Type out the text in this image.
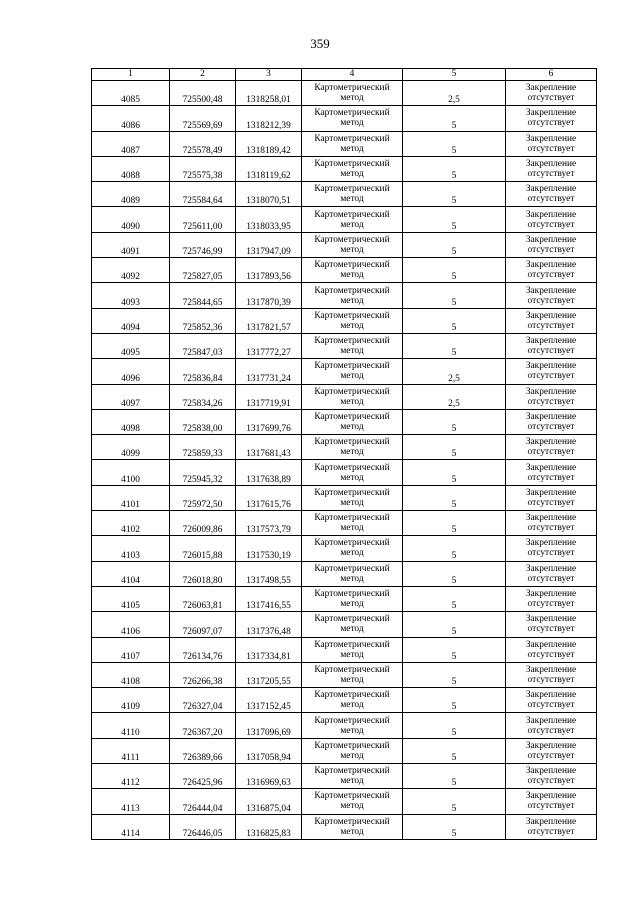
359
1	2	3	4	5	6
4085	725500,48	1318258,01	Картометрический
метод	2,5	Закрепление
отсутствует

4086	725569,69	1318212,39	Картометрический
метод	5	Закрепление
отсутствует

4087	725578,49	1318189,42	Картометрический
метод	5	Закрепление
отсутствует

4088	725575,38	1318119,62	Картометрический
метод	5	Закрепление
отсутствует

4089	725584,64	1318070,51	Картометрический
метод	5	Закрепление
отсутствует

4090	725611,00	1318033,95	Картометрический
метод	5	Закрепление
отсутствует

4091	725746,99	1317947,09	Картометрический
метод	5	Закрепление
отсутствует

4092	725827,05	1317893,56	Картометрический
метод	5	Закрепление
отсутствует

4093	725844,65	1317870,39	Картометрический
метод	5	Закрепление
отсутствует

4094	725852,36	1317821,57	Картометрический
метод	5	Закрепление
отсутствует

4095	725847,03	1317772,27	Картометрический
метод	5	Закрепление
отсутствует

4096	725836,84	1317731,24	Картометрический
метод	2,5	Закрепление
отсутствует

4097	725834,26	1317719,91	Картометрический
метод	2,5	Закрепление
отсутствует

4098	725838,00	1317699,76	Картометрический
метод	5	Закрепление
отсутствует

4099	725859,33	1317681,43	Картометрический
метод	5	Закрепление
отсутствует

4100	725945,32	1317638,89	Картометрический
метод	5	Закрепление
отсутствует

4101	725972,50	1317615,76	Картометрический
метод	5	Закрепление
отсутствует

4102	726009,86	1317573,79	Картометрический
метод	5	Закрепление
отсутствует

4103	726015,88	1317530,19	Картометрический
метод	5	Закрепление
отсутствует

4104	726018,80	1317498,55	Картометрический
метод	5	Закрепление
отсутствует

4105	726063,81	1317416,55	Картометрический
метод	5	Закрепление
отсутствует

4106	726097,07	1317376,48	Картометрический
метод	5	Закрепление
отсутствует

4107	726134,76	1317334,81	Картометрический
метод	5	Закрепление
отсутствует

4108	726266,38	1317205,55	Картометрический
метод	5	Закрепление
отсутствует

4109	726327,04	1317152,45	Картометрический
метод	5	Закрепление
отсутствует

4110	726367,20	1317096,69	Картометрический
метод	5	Закрепление
отсутствует

4111	726389,66	1317058,94	Картометрический
метод	5	Закрепление
отсутствует

4112	726425,96	1316969,63	Картометрический
метод	5	Закрепление
отсутствует

4113	726444,04	1316875,04	Картометрический
метод	5	Закрепление
отсутствует

4114	726446,05	1316825,83	Картометрический
метод	5	Закрепление
отсутствует
